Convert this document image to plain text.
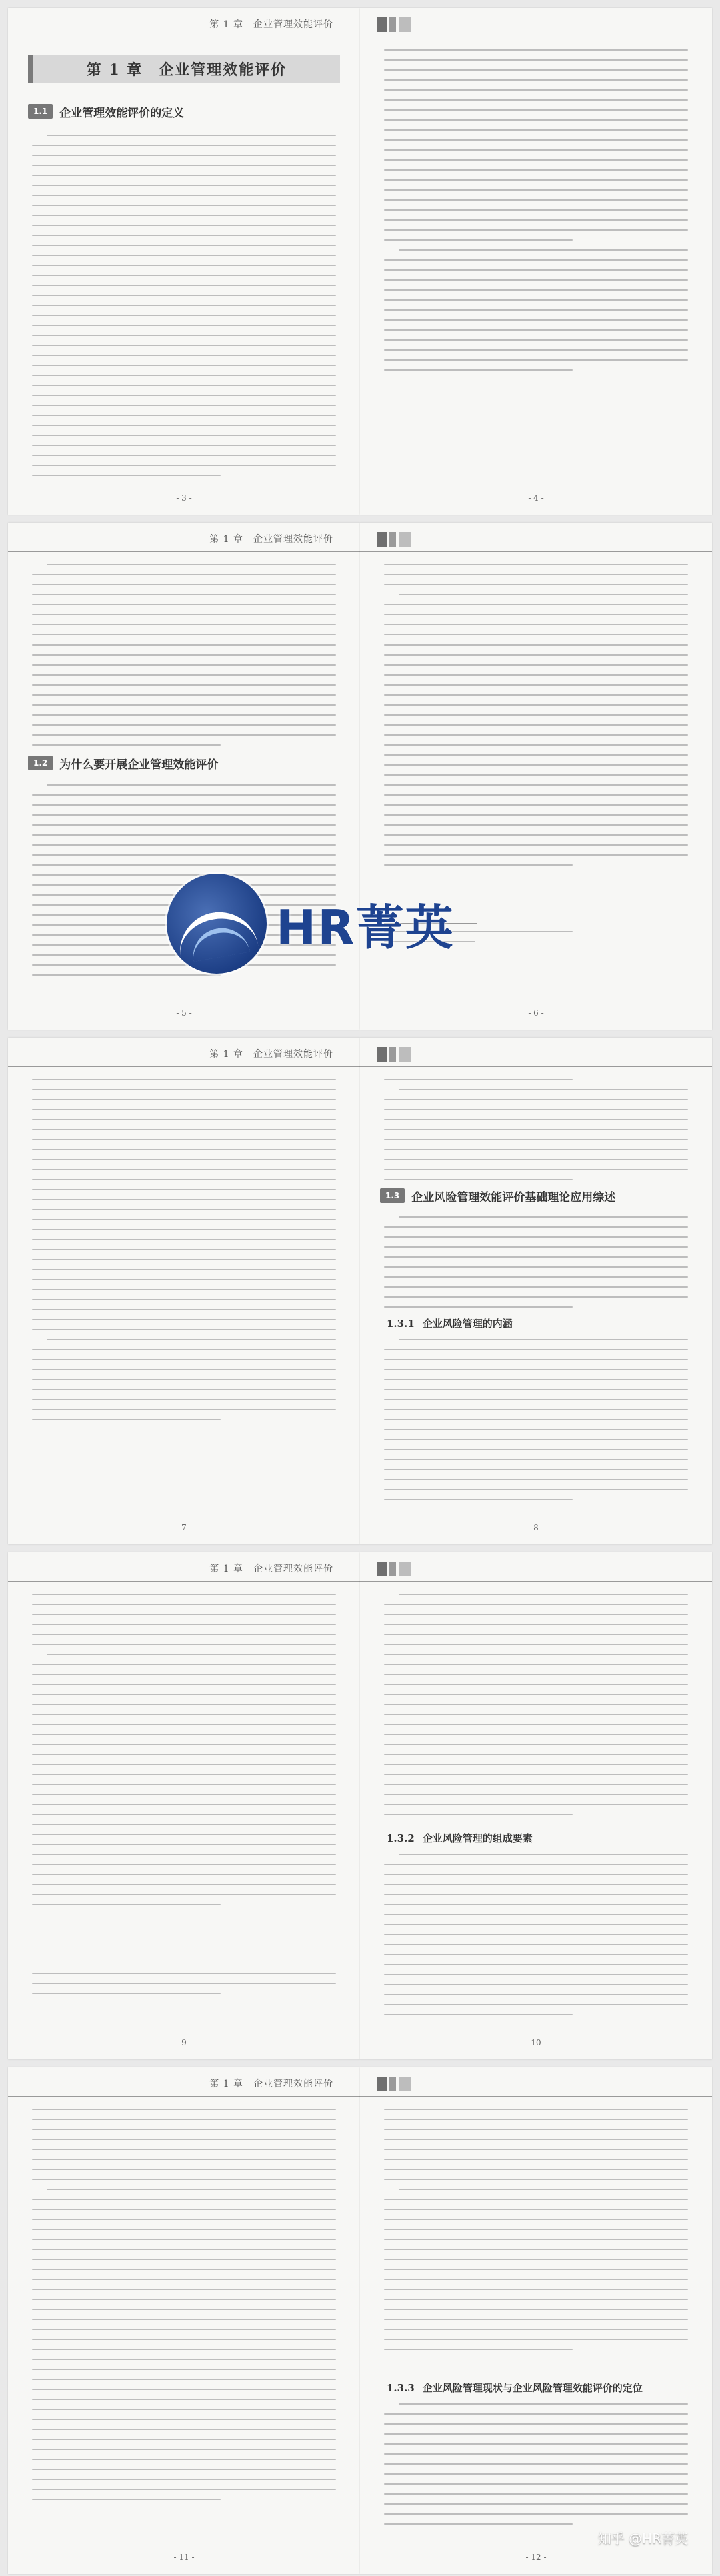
第 1 章　企业管理效能评价
第 1 章　企业管理效能评价
1.1	企业管理效能评价的定义
- 3 -	- 4 -
第 1 章　企业管理效能评价
1.2	为什么要开展企业管理效能评价
- 5 -	- 6 -
第 1 章　企业管理效能评价
- 7 -
1.3	企业风险管理效能评价基础理论应用综述
1.3.1 企业风险管理的内涵
- 8 -
第 1 章　企业管理效能评价
- 9 -
1.3.2 企业风险管理的组成要素
- 10 -
第 1 章　企业管理效能评价
- 11 -
1.3.3 企业风险管理现状与企业风险管理效能评价的定位
- 12 -
知乎 @HR菁英
HR菁英
